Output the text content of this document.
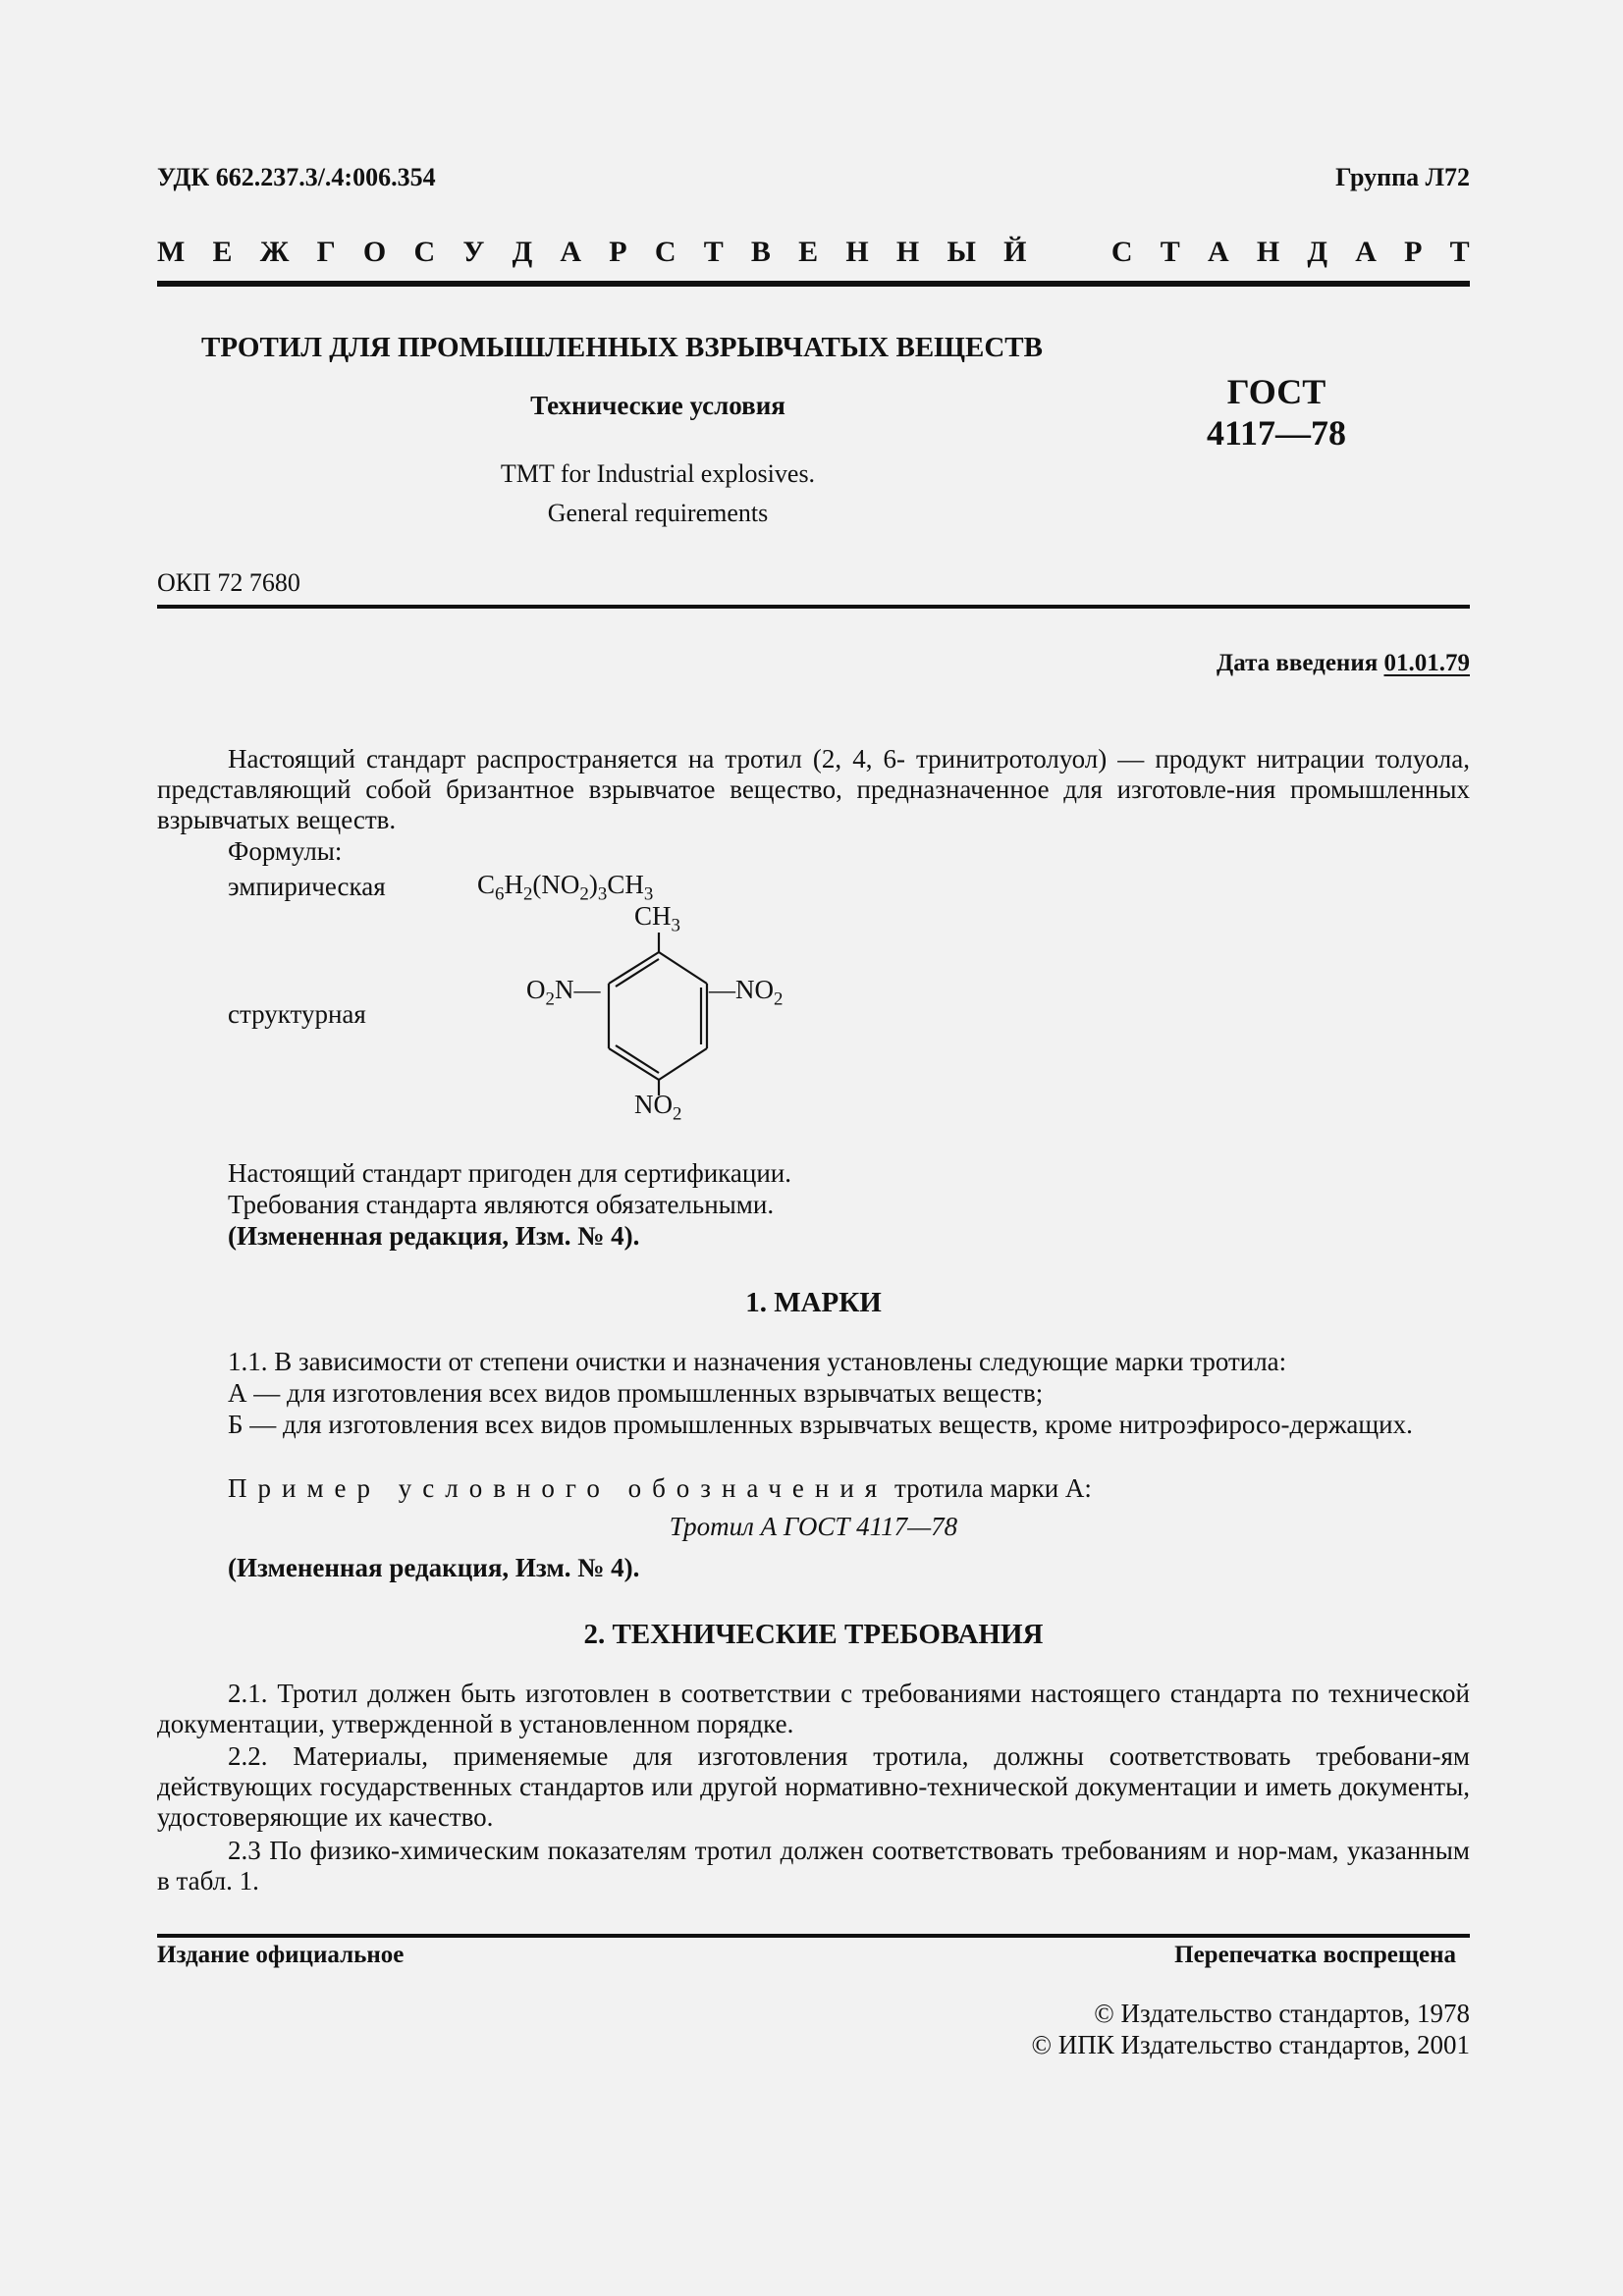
УДК 662.237.3/.4:006.354	Группа Л72
М Е Ж Г О С У Д А Р С Т В Е Н Н Ы Й	С Т А Н Д А Р Т
ТРОТИЛ ДЛЯ ПРОМЫШЛЕННЫХ ВЗРЫВЧАТЫХ ВЕЩЕСТВ
Технические условия
TMT for Industrial explosives.
General requirements
ГОСТ
4117—78
ОКП 72 7680
Дата введения 01.01.79
Настоящий стандарт распространяется на тротил (2, 4, 6- тринитротолуол) — продукт нитрации толуола, представляющий собой бризантное взрывчатое вещество, предназначенное для изготовле-ния промышленных взрывчатых веществ.
Формулы:
эмпирическая	$C_6H_2(NO_2)_3CH_3$
структурная
$CH_3$
$O_2N—$	$—NO_2$
$NO_2$
Настоящий стандарт пригоден для сертификации.
Требования стандарта являются обязательными.
(Измененная редакция, Изм. № 4).
1. МАРКИ
1.1. В зависимости от степени очистки и назначения установлены следующие марки тротила:
А — для изготовления всех видов промышленных взрывчатых веществ;
Б — для изготовления всех видов промышленных взрывчатых веществ, кроме нитроэфиросо-держащих.
Пример условного обозначения тротила марки А:
Тротил А ГОСТ 4117—78
(Измененная редакция, Изм. № 4).
2. ТЕХНИЧЕСКИЕ ТРЕБОВАНИЯ
2.1. Тротил должен быть изготовлен в соответствии с требованиями настоящего стандарта по технической документации, утвержденной в установленном порядке.
2.2. Материалы, применяемые для изготовления тротила, должны соответствовать требовани-ям действующих государственных стандартов или другой нормативно-технической документации и иметь документы, удостоверяющие их качество.
2.3 По физико-химическим показателям тротил должен соответствовать требованиям и нор-мам, указанным в табл. 1.
Издание официальное	Перепечатка воспрещена
© Издательство стандартов, 1978
© ИПК Издательство стандартов, 2001
